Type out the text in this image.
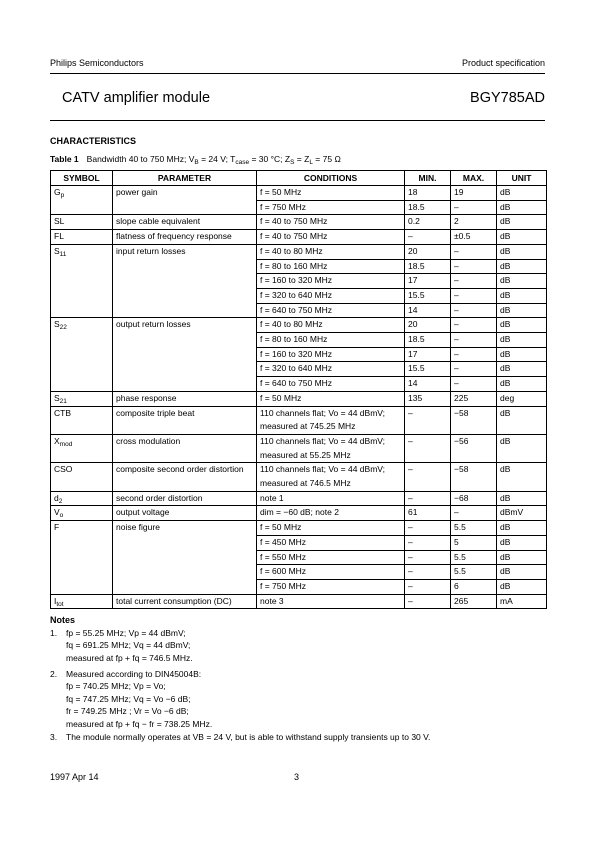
Philips Semiconductors	Product specification
CATV amplifier module	BGY785AD
CHARACTERISTICS
Table 1 Bandwidth 40 to 750 MHz; $V_B = 24$ V; $T_{case} = 30$ °C; $Z_S = Z_L = 75$ Ω
SYMBOL	PARAMETER	CONDITIONS	MIN.	MAX.	UNIT
$G_p$	power gain	f = 50 MHz	18	19	dB
		f = 750 MHz	18.5	–	dB
SL	slope cable equivalent	f = 40 to 750 MHz	0.2	2	dB
FL	flatness of frequency response	f = 40 to 750 MHz	–	±0.5	dB
$S_{11}$	input return losses	f = 40 to 80 MHz	20	–	dB
		f = 80 to 160 MHz	18.5	–	dB
		f = 160 to 320 MHz	17	–	dB
		f = 320 to 640 MHz	15.5	–	dB
		f = 640 to 750 MHz	14	–	dB
$S_{22}$	output return losses	f = 40 to 80 MHz	20	–	dB
		f = 80 to 160 MHz	18.5	–	dB
		f = 160 to 320 MHz	17	–	dB
		f = 320 to 640 MHz	15.5	–	dB
		f = 640 to 750 MHz	14	–	dB
$S_{21}$	phase response	f = 50 MHz	135	225	deg
CTB	composite triple beat	110 channels flat; Vo = 44 dBmV; measured at 745.25 MHz	–	−58	dB
$X_{mod}$	cross modulation	110 channels flat; Vo = 44 dBmV; measured at 55.25 MHz	–	−56	dB
CSO	composite second order distortion	110 channels flat; Vo = 44 dBmV; measured at 746.5 MHz	–	−58	dB
$d_2$	second order distortion	note 1	–	−68	dB
$V_o$	output voltage	dim = −60 dB; note 2	61	–	dBmV
F	noise figure	f = 50 MHz	–	5.5	dB
		f = 450 MHz	–	5	dB
		f = 550 MHz	–	5.5	dB
		f = 600 MHz	–	5.5	dB
		f = 750 MHz	–	6	dB
$I_{tot}$	total current consumption (DC)	note 3	–	265	mA
Notes
1. fp = 55.25 MHz; Vp = 44 dBmV;
fq = 691.25 MHz; Vq = 44 dBmV;
measured at fp + fq = 746.5 MHz.
2. Measured according to DIN45004B:
fp = 740.25 MHz; Vp = Vo;
fq = 747.25 MHz; Vq = Vo −6 dB;
fr = 749.25 MHz ; Vr = Vo −6 dB;
measured at fp + fq − fr = 738.25 MHz.
3. The module normally operates at VB = 24 V, but is able to withstand supply transients up to 30 V.
1997 Apr 14	3
